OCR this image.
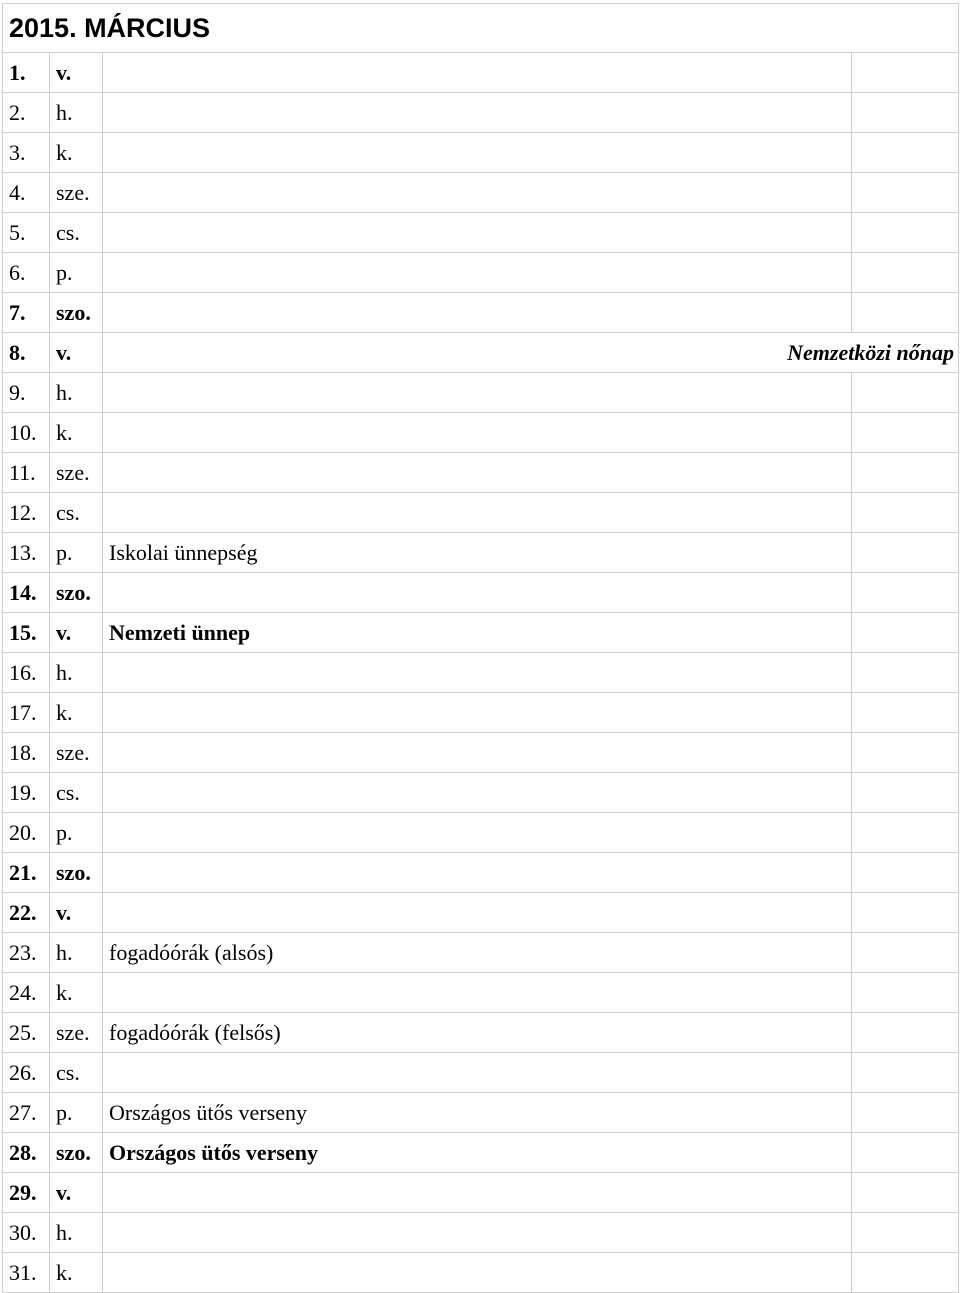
2015. MÁRCIUS			
1.	v.		
2.	h.		
3.	k.		
4.	sze.		
5.	cs.		
6.	p.		
7.	szo.		
8.	v.	Nemzetközi nőnap	
9.	h.		
10.	k.		
11.	sze.		
12.	cs.		
13.	p.	Iskolai ünnepség	
14.	szo.		
15.	v.	Nemzeti ünnep	
16.	h.		
17.	k.		
18.	sze.		
19.	cs.		
20.	p.		
21.	szo.		
22.	v.		
23.	h.	fogadóórák (alsós)	
24.	k.		
25.	sze.	fogadóórák (felsős)	
26.	cs.		
27.	p.	Országos ütős verseny	
28.	szo.	Országos ütős verseny	
29.	v.		
30.	h.		
31.	k.		
